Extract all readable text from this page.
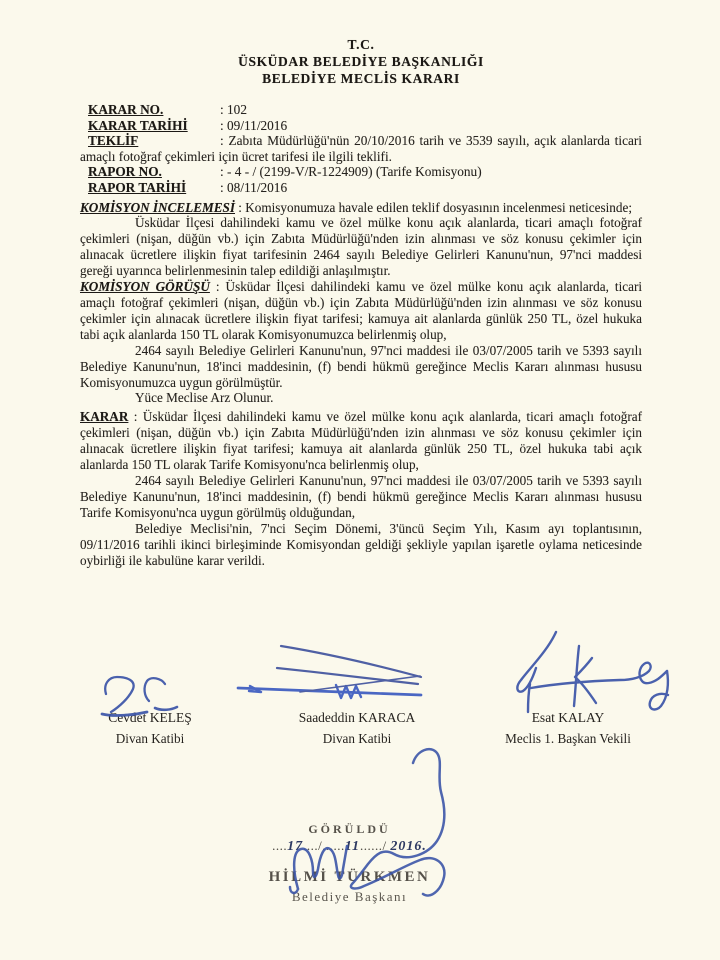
T.C.
ÜSKÜDAR BELEDİYE BAŞKANLIĞI
BELEDİYE MECLİS KARARI
KARAR NO.	: 102
KARAR TARİHİ : 09/11/2016
TEKLİF	: Zabıta Müdürlüğü'nün 20/10/2016 tarih ve 3539 sayılı, açık alanlarda ticari amaçlı fotoğraf çekimleri için ücret tarifesi ile ilgili teklifi.
RAPOR NO.	: - 4 - / (2199-V/R-1224909) (Tarife Komisyonu)
RAPOR TARİHİ	: 08/11/2016

KOMİSYON İNCELEMESİ : Komisyonumuza havale edilen teklif dosyasının incelenmesi neticesinde;

Üsküdar İlçesi dahilindeki kamu ve özel mülke konu açık alanlarda, ticari amaçlı fotoğraf çekimleri (nişan, düğün vb.) için Zabıta Müdürlüğü'nden izin alınması ve söz konusu çekimler için alınacak ücretlere ilişkin fiyat tarifesinin 2464 sayılı Belediye Gelirleri Kanunu'nun, 97'nci maddesi gereği uyarınca belirlenmesinin talep edildiği anlaşılmıştır.

KOMİSYON GÖRÜŞÜ : Üsküdar İlçesi dahilindeki kamu ve özel mülke konu açık alanlarda, ticari amaçlı fotoğraf çekimleri (nişan, düğün vb.) için Zabıta Müdürlüğü'nden izin alınması ve söz konusu çekimler için alınacak ücretlere ilişkin fiyat tarifesi; kamuya ait alanlarda günlük 250 TL, özel hukuka tabi açık alanlarda 150 TL olarak Komisyonumuzca belirlenmiş olup,

2464 sayılı Belediye Gelirleri Kanunu'nun, 97'nci maddesi ile 03/07/2005 tarih ve 5393 sayılı Belediye Kanunu'nun, 18'inci maddesinin, (f) bendi hükmü gereğince Meclis Kararı alınması hususu Komisyonumuzca uygun görülmüştür.

Yüce Meclise Arz Olunur.

KARAR : Üsküdar İlçesi dahilindeki kamu ve özel mülke konu açık alanlarda, ticari amaçlı fotoğraf çekimleri (nişan, düğün vb.) için Zabıta Müdürlüğü'nden izin alınması ve söz konusu çekimler için alınacak ücretlere ilişkin fiyat tarifesi; kamuya ait alanlarda günlük 250 TL, özel hukuka tabi açık alanlarda 150 TL olarak Tarife Komisyonu'nca belirlenmiş olup,

2464 sayılı Belediye Gelirleri Kanunu'nun, 97'nci maddesi ile 03/07/2005 tarih ve 5393 sayılı Belediye Kanunu'nun, 18'inci maddesinin, (f) bendi hükmü gereğince Meclis Kararı alınması hususu Tarife Komisyonu'nca uygun görülmüş olduğundan,

Belediye Meclisi'nin, 7'nci Seçim Dönemi, 3'üncü Seçim Yılı, Kasım ayı toplantısının, 09/11/2016 tarihli ikinci birleşiminde Komisyondan geldiği şekliyle yapılan işaretle oylama neticesinde oybirliği ile kabulüne karar verildi.

Cevdet KELEŞ

Divan Katibi

Saadeddin KARACA

Divan Katibi

Esat KALAY

Meclis 1. Başkan Vekili

GÖRÜLDÜ

....17..../......11....../ 2016.

HİLMİ TÜRKMEN

Belediye Başkanı
